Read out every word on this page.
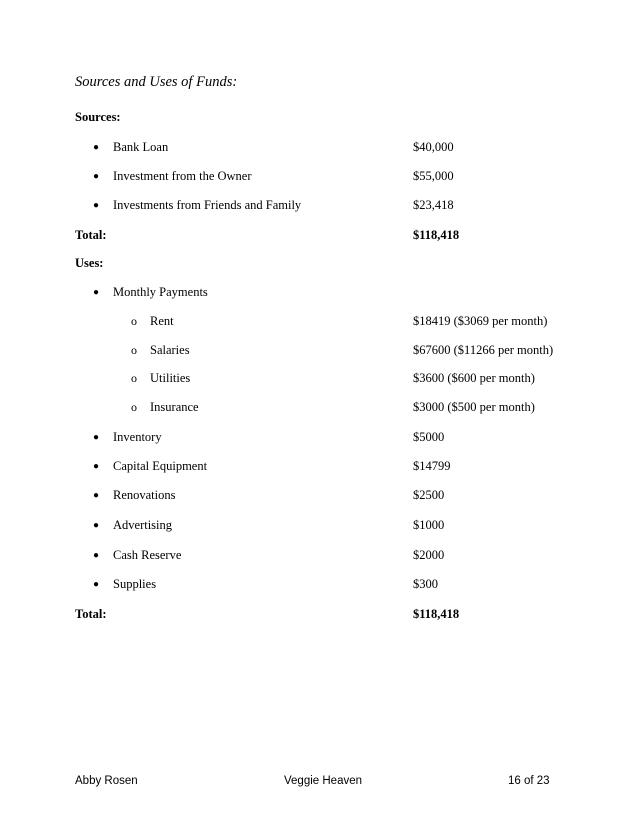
Sources and Uses of Funds:
Sources:
● Bank Loan	$40,000
● Investment from the Owner	$55,000
● Investments from Friends and Family	$23,418
Total:	$118,418
Uses:
● Monthly Payments
o Rent	$18419 ($3069 per month)
o Salaries	$67600 ($11266 per month)
o Utilities	$3600 ($600 per month)
o Insurance	$3000 ($500 per month)
● Inventory	$5000
● Capital Equipment	$14799
● Renovations	$2500
● Advertising	$1000
● Cash Reserve	$2000
● Supplies	$300
Total:	$118,418
Abby Rosen	Veggie Heaven	16 of 23
